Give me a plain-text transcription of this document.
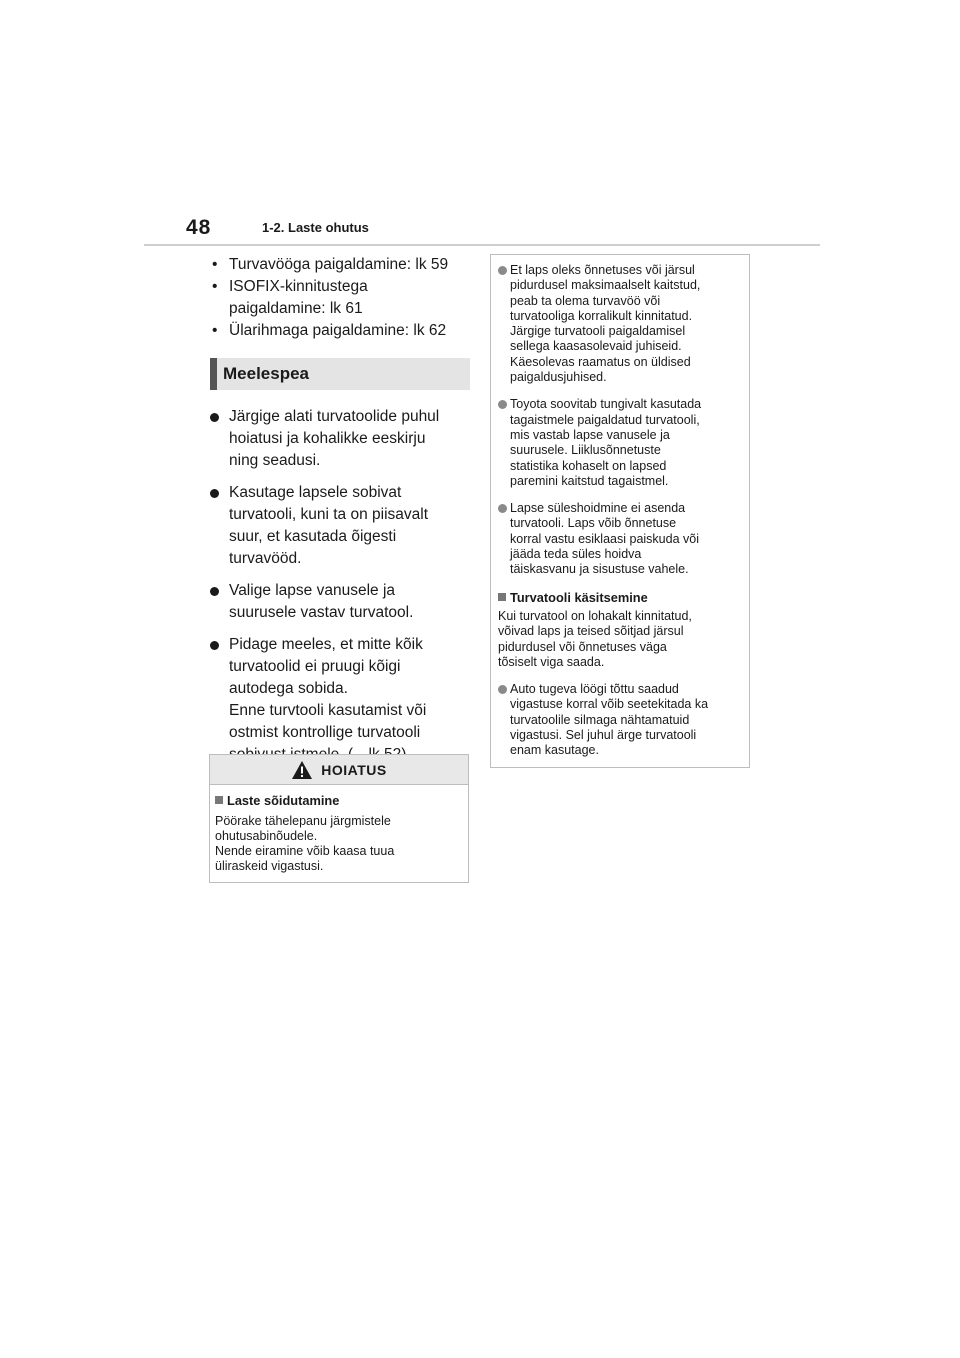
48	1-2. Laste ohutus
• Turvavööga paigaldamine: lk 59
• ISOFIX-kinnitustega
paigaldamine: lk 61
• Ülarihmaga paigaldamine: lk 62
Meelespea
Järgige alati turvatoolide puhul
hoiatusi ja kohalikke eeskirju
ning seadusi.
Kasutage lapsele sobivat
turvatooli, kuni ta on piisavalt
suur, et kasutada õigesti
turvavööd.
Valige lapse vanusele ja
suurusele vastav turvatool.
Pidage meeles, et mitte kõik
turvatoolid ei pruugi kõigi
autodega sobida.
Enne turvtooli kasutamist või
ostmist kontrollige turvatooli
HOIATUS
Laste sõidutamine
Pöörake tähelepanu järgmistele
ohutusabinõudele.
Nende eiramine võib kaasa tuua
üliraskeid vigastusi.
Et laps oleks õnnetuses või järsul
pidurdusel maksimaalselt kaitstud,
peab ta olema turvavöö või
turvatooliga korralikult kinnitatud.
Järgige turvatooli paigaldamisel
sellega kaasasolevaid juhiseid.
Käesolevas raamatus on üldised
paigaldusjuhised.
Toyota soovitab tungivalt kasutada
tagaistmele paigaldatud turvatooli,
mis vastab lapse vanusele ja
suurusele. Liiklusõnnetuste
statistika kohaselt on lapsed
paremini kaitstud tagaistmel.
Lapse süleshoidmine ei asenda
turvatooli. Laps võib õnnetuse
korral vastu esiklaasi paiskuda või
jääda teda süles hoidva
täiskasvanu ja sisustuse vahele.
Turvatooli käsitsemine
Kui turvatool on lohakalt kinnitatud,
võivad laps ja teised sõitjad järsul
pidurdusel või õnnetuses väga
tõsiselt viga saada.
Auto tugeva löögi tõttu saadud
vigastuse korral võib seetekitada ka
turvatoolile silmaga nähtamatuid
vigastusi. Sel juhul ärge turvatooli
enam kasutage.
